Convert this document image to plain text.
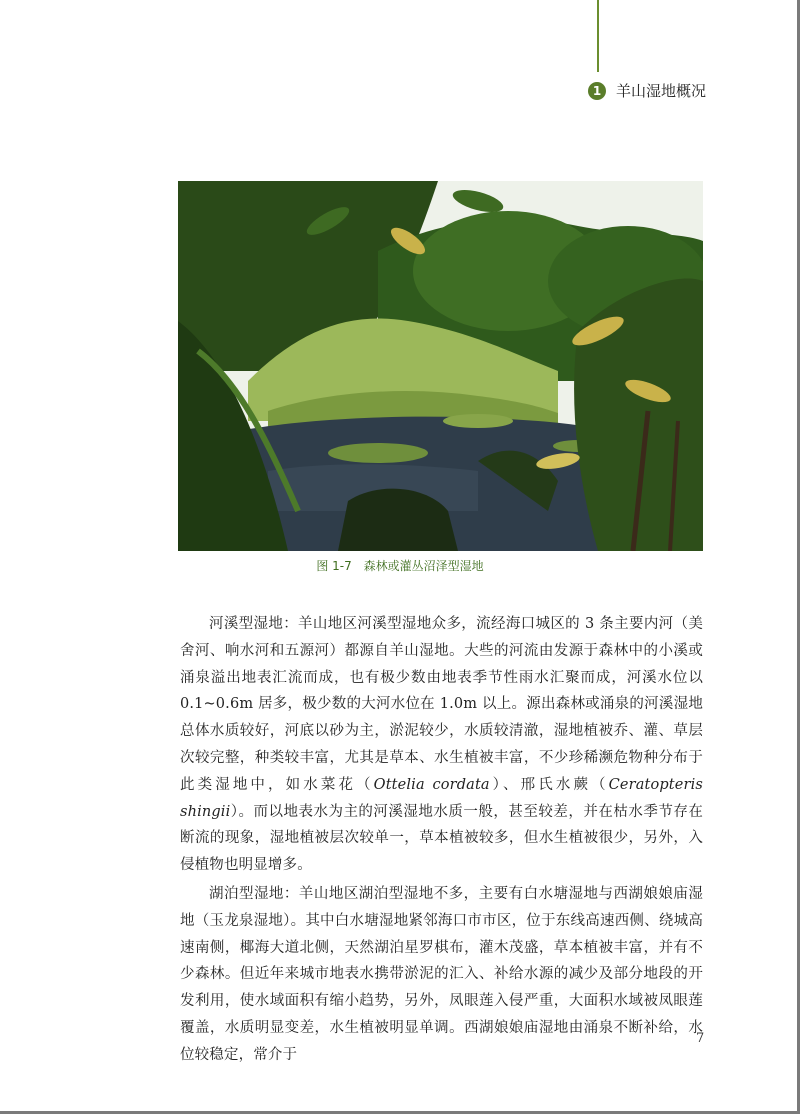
1 羊山湿地概况
图 1-7 森林或灌丛沼泽型湿地

河溪型湿地：羊山地区河溪型湿地众多，流经海口城区的 3 条主要内河（美舍河、响水河和五源河）都源自羊山湿地。大些的河流由发源于森林中的小溪或涌泉溢出地表汇流而成，也有极少数由地表季节性雨水汇聚而成，河溪水位以 0.1~0.6m 居多，极少数的大河水位在 1.0m 以上。源出森林或涌泉的河溪湿地总体水质较好，河底以砂为主，淤泥较少，水质较清澈，湿地植被乔、灌、草层次较完整，种类较丰富，尤其是草本、水生植被丰富，不少珍稀濒危物种分布于此类湿地中，如水菜花（Ottelia cordata）、邢氏水蕨（Ceratopteris shingii）。而以地表水为主的河溪湿地水质一般，甚至较差，并在枯水季节存在断流的现象，湿地植被层次较单一，草本植被较多，但水生植被很少，另外，入侵植物也明显增多。

湖泊型湿地：羊山地区湖泊型湿地不多，主要有白水塘湿地与西湖娘娘庙湿地（玉龙泉湿地）。其中白水塘湿地紧邻海口市市区，位于东线高速西侧、绕城高速南侧，椰海大道北侧，天然湖泊星罗棋布，灌木茂盛，草本植被丰富，并有不少森林。但近年来城市地表水携带淤泥的汇入、补给水源的减少及部分地段的开发利用，使水域面积有缩小趋势，另外，凤眼莲入侵严重，大面积水域被凤眼莲覆盖，水质明显变差，水生植被明显单调。西湖娘娘庙湿地由涌泉不断补给，水位较稳定，常介于

7
